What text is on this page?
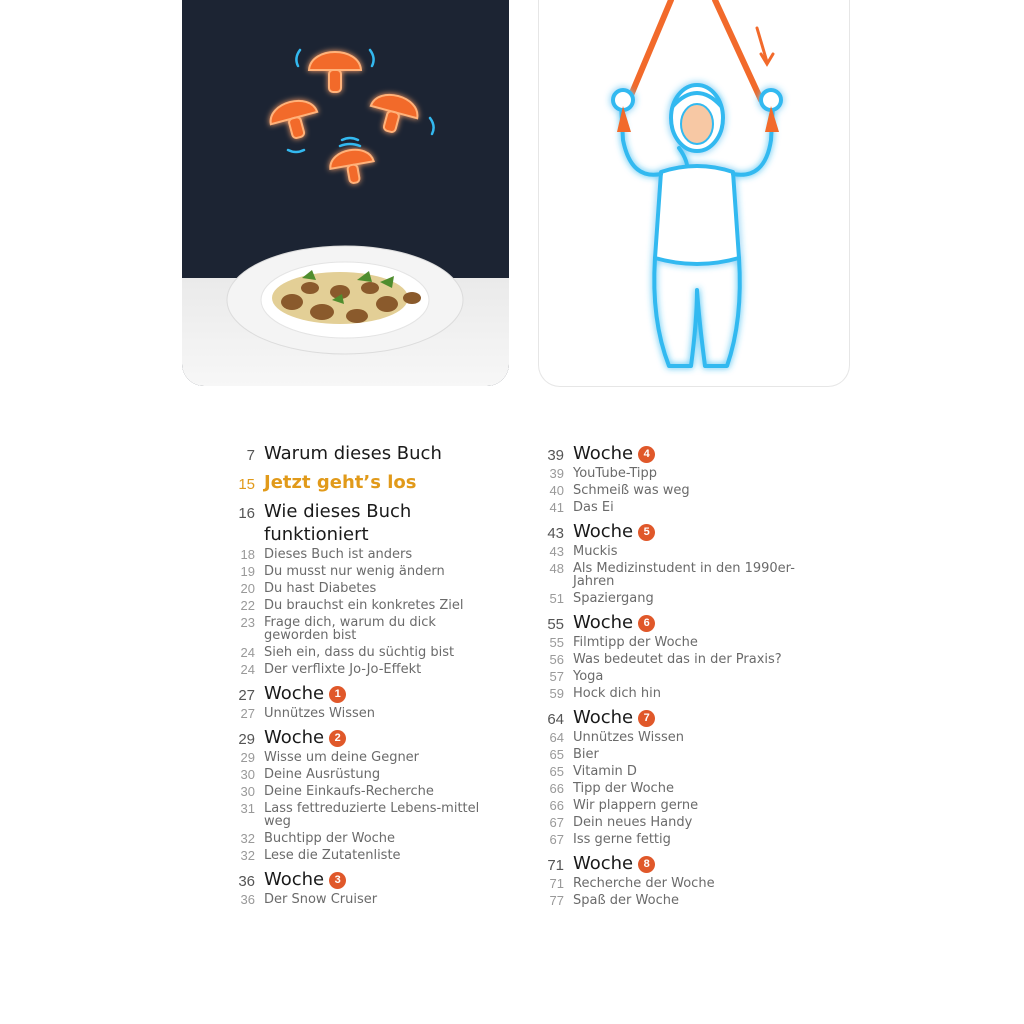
7 Warum dieses Buch
15 Jetzt geht’s los
16 Wie dieses Buch funktioniert
18 Dieses Buch ist anders
19 Du musst nur wenig ändern
20 Du hast Diabetes
22 Du brauchst ein konkretes Ziel
23 Frage dich, warum du dick geworden bist
24 Sieh ein, dass du süchtig bist
24 Der verflixte Jo-Jo-Effekt
27 Woche 1
27 Unnützes Wissen
29 Woche 2
29 Wisse um deine Gegner
30 Deine Ausrüstung
30 Deine Einkaufs-Recherche
31 Lass fettreduzierte Lebens-mittel weg
32 Buchtipp der Woche
32 Lese die Zutatenliste
36 Woche 3
36 Der Snow Cruiser
39 Woche 4
39 YouTube-Tipp
40 Schmeiß was weg
41 Das Ei
43 Woche 5
43 Muckis
48 Als Medizinstudent in den 1990er-Jahren
51 Spaziergang
55 Woche 6
55 Filmtipp der Woche
56 Was bedeutet das in der Praxis?
57 Yoga
59 Hock dich hin
64 Woche 7
64 Unnützes Wissen
65 Bier
65 Vitamin D
66 Tipp der Woche
66 Wir plappern gerne
67 Dein neues Handy
67 Iss gerne fettig
71 Woche 8
71 Recherche der Woche
77 Spaß der Woche
